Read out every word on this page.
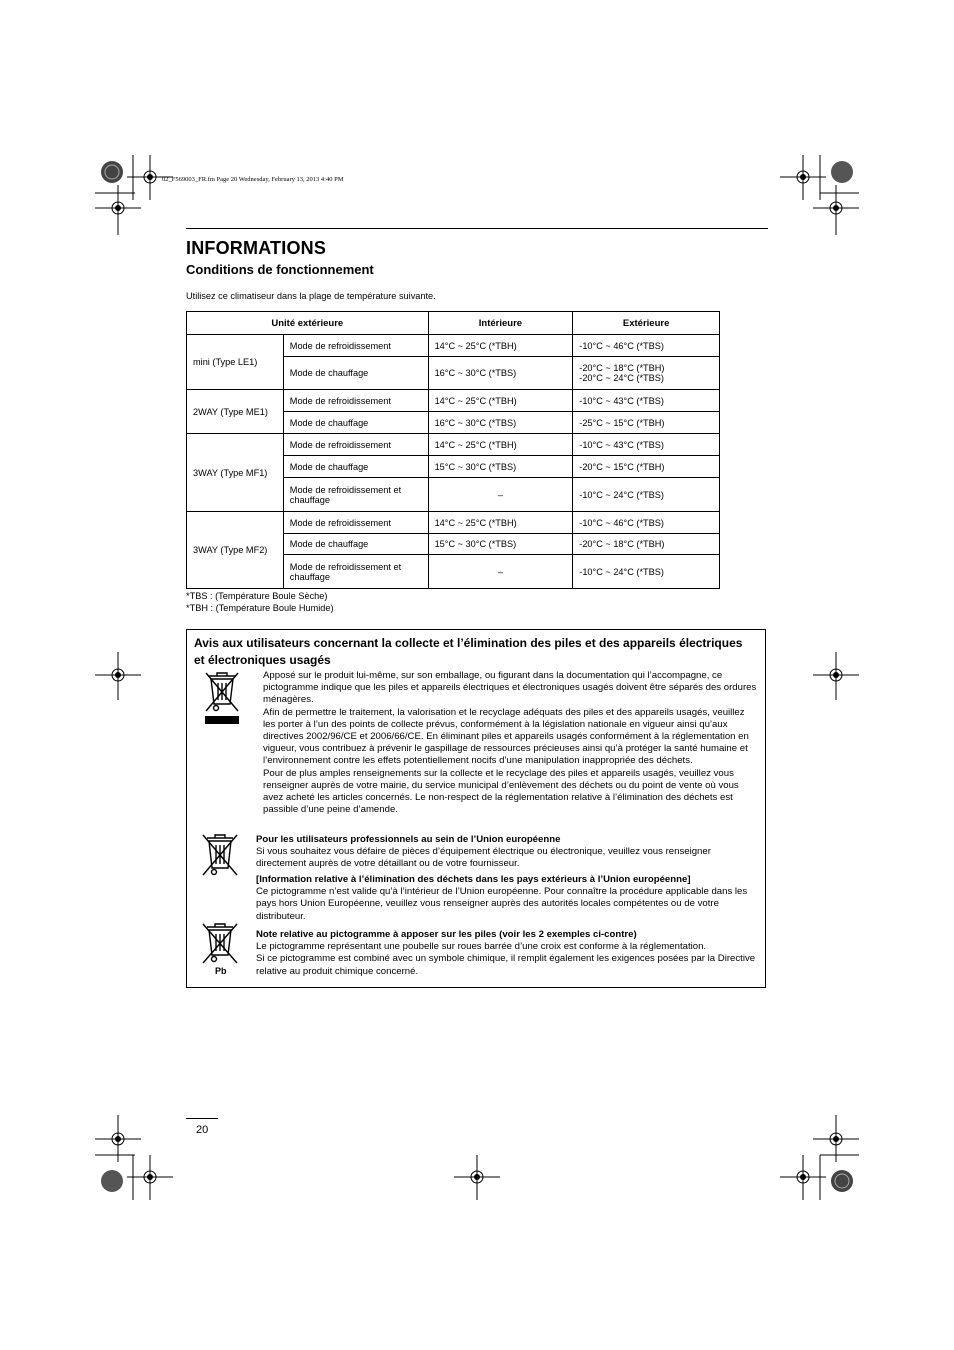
02_F569003_FR.fm Page 20 Wednesday, February 13, 2013 4:40 PM
INFORMATIONS
Conditions de fonctionnement
Utilisez ce climatiseur dans la plage de température suivante.
Unité extérieure		Intérieure	Extérieure
mini (Type LE1)	Mode de refroidissement	14°C ~ 25°C (*TBH)	-10°C ~ 46°C (*TBS)
	Mode de chauffage	16°C ~ 30°C (*TBS)	-20°C ~ 18°C (*TBH)
-20°C ~ 24°C (*TBS)

2WAY (Type ME1)	Mode de refroidissement	14°C ~ 25°C (*TBH)	-10°C ~ 43°C (*TBS)
	Mode de chauffage	16°C ~ 30°C (*TBS)	-25°C ~ 15°C (*TBH)
3WAY (Type MF1)	Mode de refroidissement	14°C ~ 25°C (*TBH)	-10°C ~ 43°C (*TBS)
	Mode de chauffage	15°C ~ 30°C (*TBS)	-20°C ~ 15°C (*TBH)
	Mode de refroidissement et chauffage	–	-10°C ~ 24°C (*TBS)
3WAY (Type MF2)	Mode de refroidissement	14°C ~ 25°C (*TBH)	-10°C ~ 46°C (*TBS)
	Mode de chauffage	15°C ~ 30°C (*TBS)	-20°C ~ 18°C (*TBH)
	Mode de refroidissement et chauffage	–	-10°C ~ 24°C (*TBS)
*TBS : (Température Boule Sèche)
*TBH : (Température Boule Humide)
Avis aux utilisateurs concernant la collecte et l’élimination des piles et des appareils électriques et électroniques usagés
Pb
Apposé sur le produit lui-même, sur son emballage, ou figurant dans la documentation qui l’accompagne, ce pictogramme indique que les piles et appareils électriques et électroniques usagés doivent être séparés des ordures ménagères.
Afin de permettre le traitement, la valorisation et le recyclage adéquats des piles et des appareils usagés, veuillez les porter à l’un des points de collecte prévus, conformément à la législation nationale en vigueur ainsi qu’aux directives 2002/96/CE et 2006/66/CE. En éliminant piles et appareils usagés conformément à la réglementation en vigueur, vous contribuez à prévenir le gaspillage de ressources précieuses ainsi qu’à protéger la santé humaine et l’environnement contre les effets potentiellement nocifs d’une manipulation inappropriée des déchets.
Pour de plus amples renseignements sur la collecte et le recyclage des piles et appareils usagés, veuillez vous renseigner auprès de votre mairie, du service municipal d’enlèvement des déchets ou du point de vente où vous avez acheté les articles concernés. Le non-respect de la réglementation relative à l’élimination des déchets est passible d’une peine d’amende.
Pour les utilisateurs professionnels au sein de l’Union européenne
Si vous souhaitez vous défaire de pièces d’équipement électrique ou électronique, veuillez vous renseigner directement auprès de votre détaillant ou de votre fournisseur.
[Information relative à l’élimination des déchets dans les pays extérieurs à l’Union européenne]
Ce pictogramme n’est valide qu’à l’intérieur de l’Union européenne. Pour connaître la procédure applicable dans les pays hors Union Européenne, veuillez vous renseigner auprès des autorités locales compétentes ou de votre distributeur.
Note relative au pictogramme à apposer sur les piles (voir les 2 exemples ci-contre)
Le pictogramme représentant une poubelle sur roues barrée d’une croix est conforme à la réglementation.
Si ce pictogramme est combiné avec un symbole chimique, il remplit également les exigences posées par la Directive relative au produit chimique concerné.
20
